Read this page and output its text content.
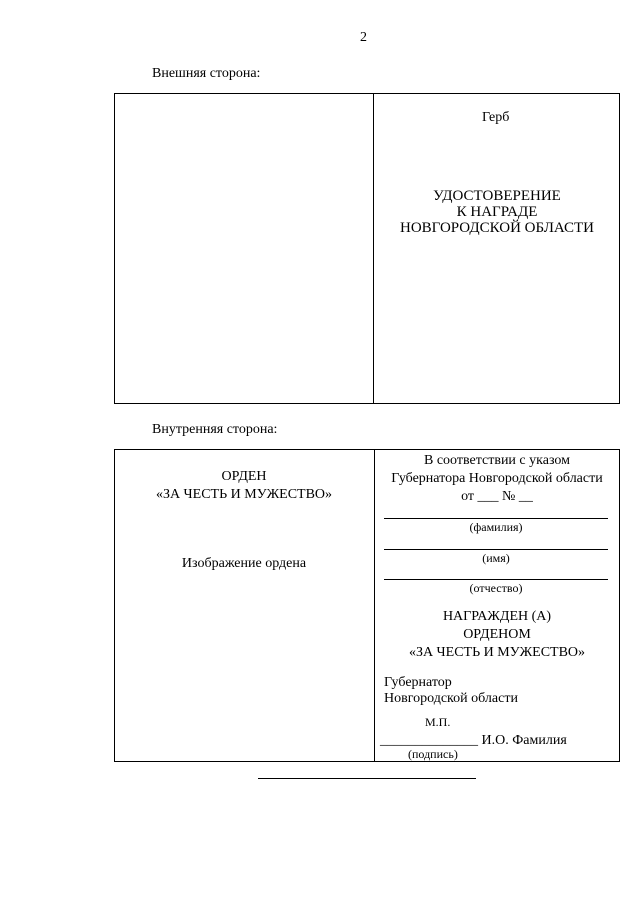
2
Внешняя сторона:
Герб
УДОСТОВЕРЕНИЕ
К НАГРАДЕ
НОВГОРОДСКОЙ ОБЛАСТИ
Внутренняя сторона:
ОРДЕН
«ЗА ЧЕСТЬ И МУЖЕСТВО»
Изображение ордена
В соответствии с указом
Губернатора Новгородской области
от ___ № __
(фамилия)
(имя)
(отчество)
НАГРАЖДЕН (А)
ОРДЕНОМ
«ЗА ЧЕСТЬ И МУЖЕСТВО»
Губернатор
Новгородской области
М.П.
______________ И.О. Фамилия
(подпись)
